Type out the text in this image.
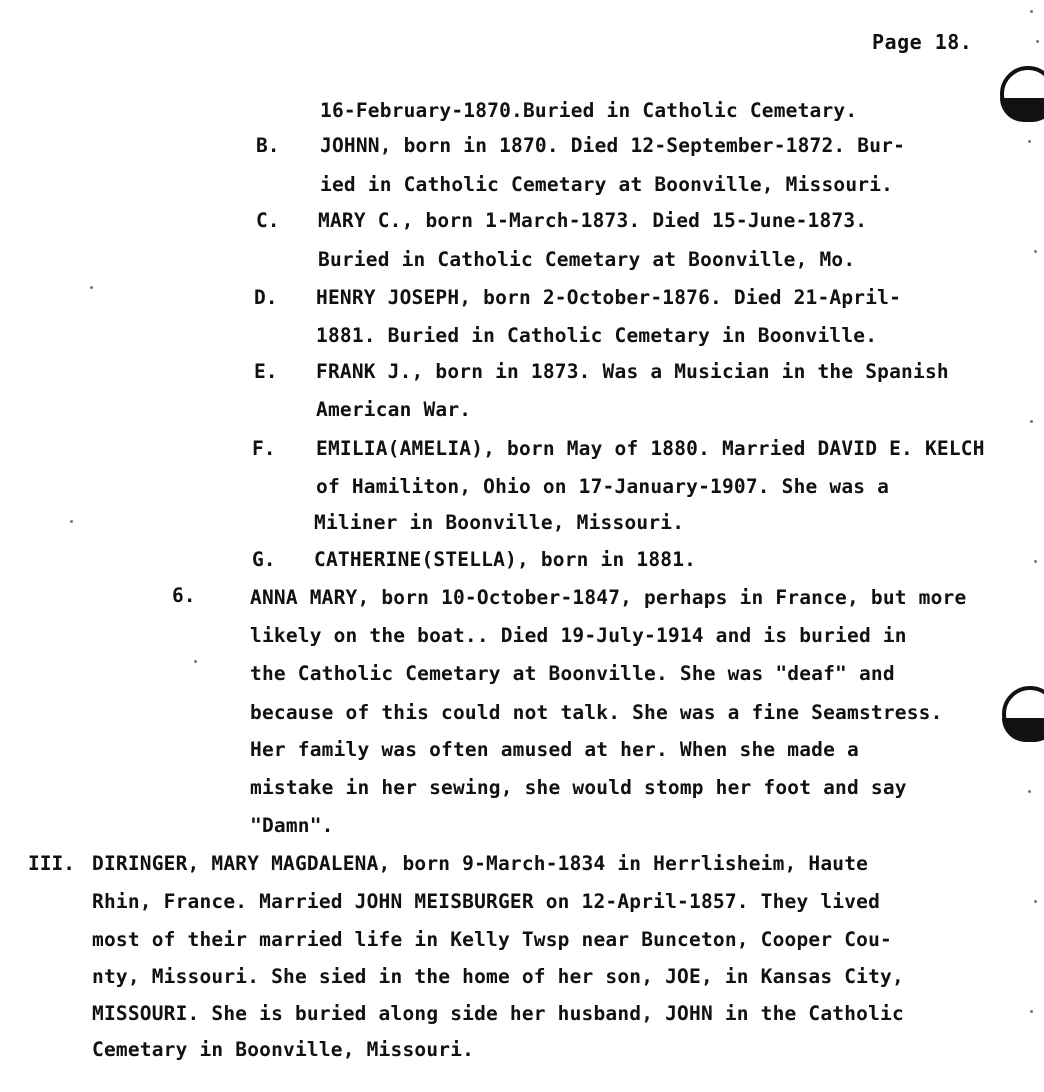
Page 18.
16-February-1870.Buried in Catholic Cemetary.
B. JOHNN, born in 1870. Died 12-September-1872. Bur-
ied in Catholic Cemetary at Boonville, Missouri.
C. MARY C., born 1-March-1873. Died 15-June-1873.
Buried in Catholic Cemetary at Boonville, Mo.
D. HENRY JOSEPH, born 2-October-1876. Died 21-April-
1881. Buried in Catholic Cemetary in Boonville.
E. FRANK J., born in 1873. Was a Musician in the Spanish
American War.
F. EMILIA(AMELIA), born May of 1880. Married DAVID E. KELCH
of Hamiliton, Ohio on 17-January-1907. She was a
Miliner in Boonville, Missouri.
G. CATHERINE(STELLA), born in 1881.
6.	ANNA MARY, born 10-October-1847, perhaps in France, but more
likely on the boat.. Died 19-July-1914 and is buried in
the Catholic Cemetary at Boonville. She was "deaf" and
because of this could not talk. She was a fine Seamstress.
Her family was often amused at her. When she made a
mistake in her sewing, she would stomp her foot and say
"Damn".
III. DIRINGER, MARY MAGDALENA, born 9-March-1834 in Herrlisheim, Haute
Rhin, France. Married JOHN MEISBURGER on 12-April-1857. They lived
most of their married life in Kelly Twsp near Bunceton, Cooper Cou-
nty, Missouri. She sied in the home of her son, JOE, in Kansas City,
MISSOURI. She is buried along side her husband, JOHN in the Catholic
Cemetary in Boonville, Missouri.
